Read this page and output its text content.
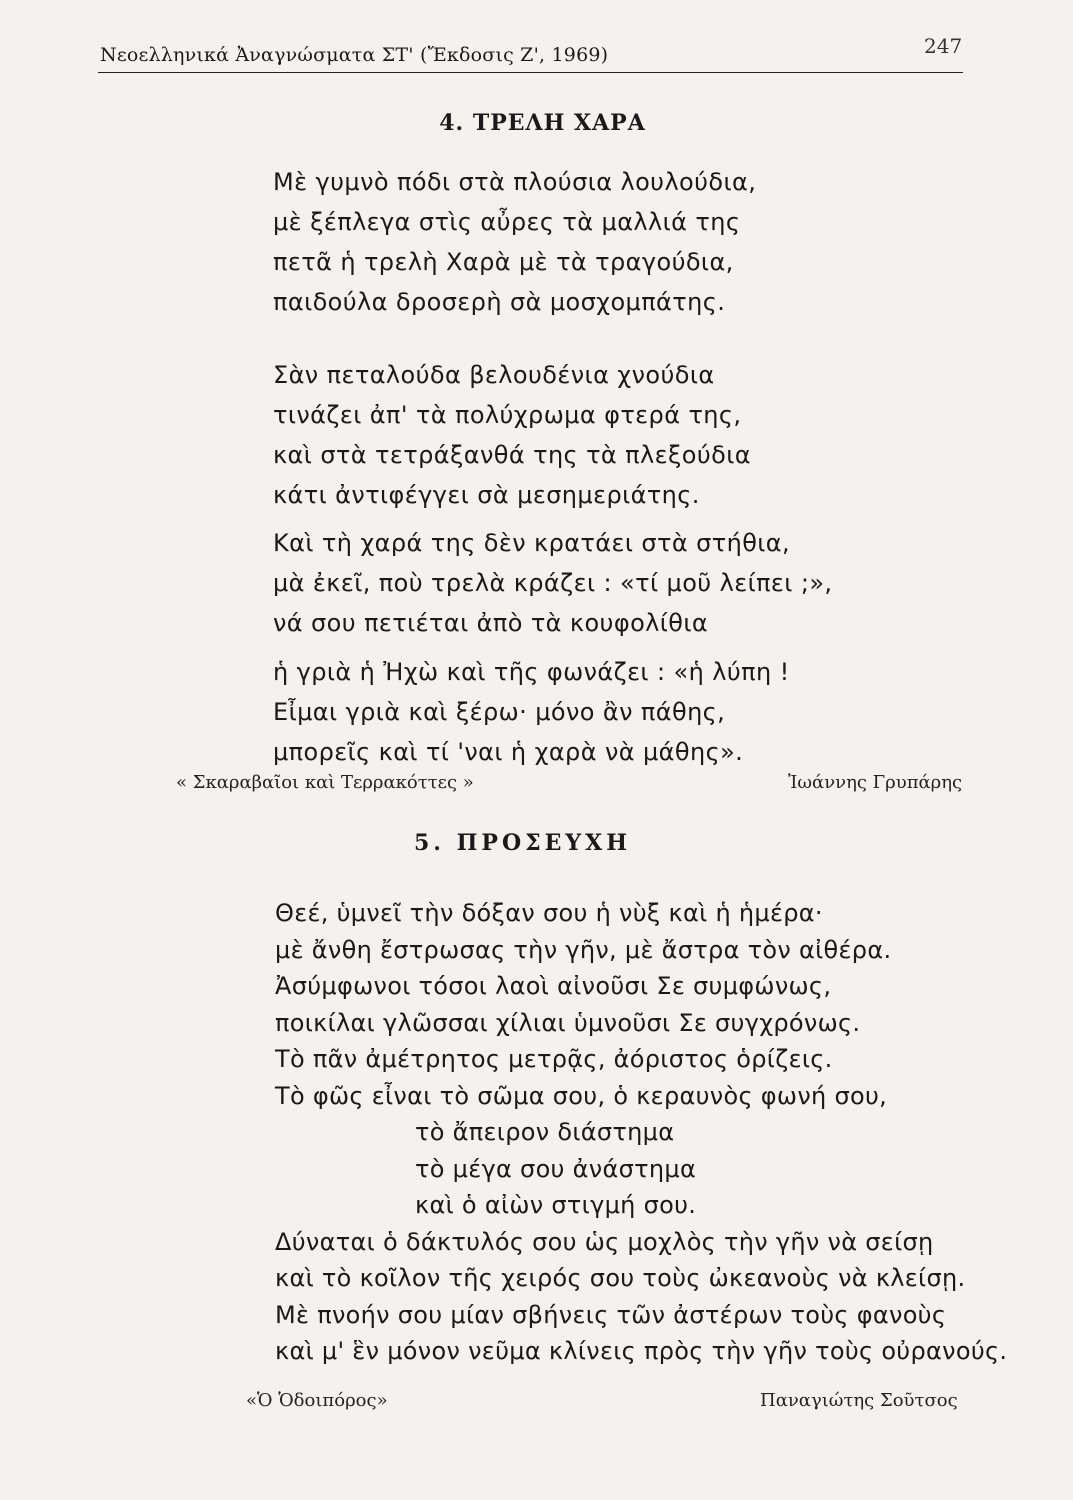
Νεοελληνικά Ἀναγνώσματα ΣΤ' (Ἔκδοσις Ζ', 1969)	247
4. ΤΡΕΛΗ ΧΑΡΑ
Μὲ γυμνὸ πόδι στὰ πλούσια λουλούδια,
μὲ ξέπλεγα στὶς αὖρες τὰ μαλλιά της
πετᾶ ἡ τρελὴ Χαρὰ μὲ τὰ τραγούδια,
παιδούλα δροσερὴ σὰ μοσχομπάτης.
Σὰν πεταλούδα βελουδένια χνούδια
τινάζει ἀπ' τὰ πολύχρωμα φτερά της,
καὶ στὰ τετράξανθά της τὰ πλεξούδια
κάτι ἀντιφέγγει σὰ μεσημεριάτης.
Καὶ τὴ χαρά της δὲν κρατάει στὰ στήθια,
μὰ ἐκεῖ, ποὺ τρελὰ κράζει : «τί μοῦ λείπει ;»,
νά σου πετιέται ἀπὸ τὰ κουφολίθια
ἡ γριὰ ἡ Ἠχὼ καὶ τῆς φωνάζει : «ἡ λύπη !
Εἶμαι γριὰ καὶ ξέρω· μόνο ἂν πάθης,
μπορεῖς καὶ τί 'ναι ἡ χαρὰ νὰ μάθης».
« Σκαραβαῖοι καὶ Τερρακόττες »	Ἰωάννης Γρυπάρης
5. ΠΡΟΣΕΥΧΗ
Θεέ, ὑμνεῖ τὴν δόξαν σου ἡ νὺξ καὶ ἡ ἡμέρα·
μὲ ἄνθη ἔστρωσας τὴν γῆν, μὲ ἄστρα τὸν αἰθέρα.
Ἀσύμφωνοι τόσοι λαοὶ αἰνοῦσι Σε συμφώνως,
ποικίλαι γλῶσσαι χίλιαι ὑμνοῦσι Σε συγχρόνως.
Τὸ πᾶν ἀμέτρητος μετρᾷς, ἀόριστος ὁρίζεις.
Τὸ φῶς εἶναι τὸ σῶμα σου, ὁ κεραυνὸς φωνή σου,
τὸ ἄπειρον διάστημα
τὸ μέγα σου ἀνάστημα
καὶ ὁ αἰὼν στιγμή σου.
Δύναται ὁ δάκτυλός σου ὡς μοχλὸς τὴν γῆν νὰ σείσῃ
καὶ τὸ κοῖλον τῆς χειρός σου τοὺς ὠκεανοὺς νὰ κλείσῃ.
Μὲ πνοήν σου μίαν σβήνεις τῶν ἀστέρων τοὺς φανοὺς
καὶ μ' ἓν μόνον νεῦμα κλίνεις πρὸς τὴν γῆν τοὺς οὐρανούς.
«Ὁ Ὁδοιπόρος»	Παναγιώτης Σοῦτσος
